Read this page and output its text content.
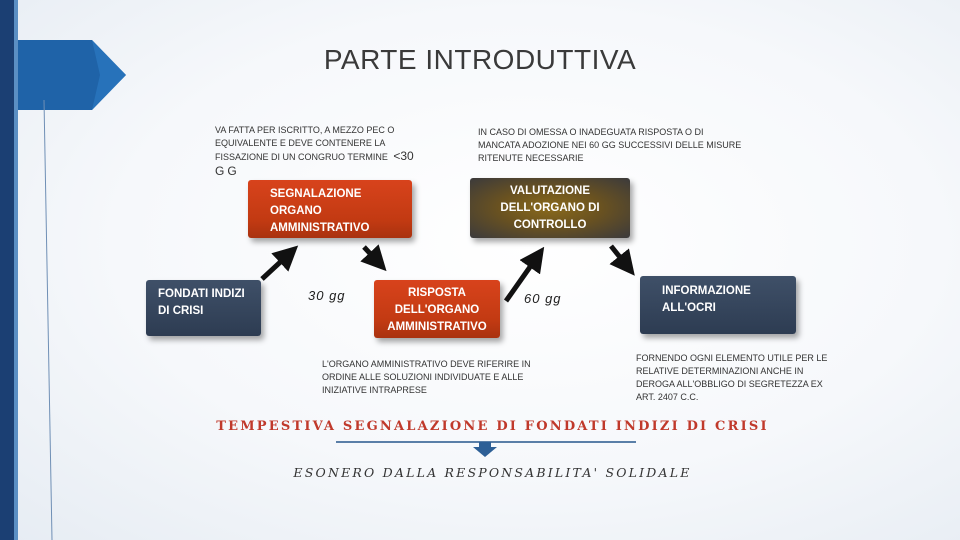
PARTE INTRODUTTIVA
VA FATTA PER ISCRITTO, A MEZZO PEC O
EQUIVALENTE E DEVE CONTENERE LA
FISSAZIONE DI UN CONGRUO TERMINE <30
GG
IN CASO DI OMESSA O INADEGUATA RISPOSTA O DI
MANCATA ADOZIONE NEI 60 GG SUCCESSIVI DELLE MISURE
RITENUTE NECESSARIE
SEGNALAZIONE
ORGANO
AMMINISTRATIVO
VALUTAZIONE
DELL'ORGANO DI
CONTROLLO
FONDATI INDIZI
DI CRISI
RISPOSTA
DELL'ORGANO
AMMINISTRATIVO
INFORMAZIONE
ALL'OCRI
30 gg	60 gg
L'ORGANO AMMINISTRATIVO DEVE RIFERIRE IN
ORDINE ALLE SOLUZIONI INDIVIDUATE E ALLE
INIZIATIVE INTRAPRESE
FORNENDO OGNI ELEMENTO UTILE PER LE
RELATIVE DETERMINAZIONI ANCHE IN
DEROGA ALL'OBBLIGO DI SEGRETEZZA EX
ART. 2407 C.C.
TEMPESTIVA SEGNALAZIONE DI FONDATI INDIZI DI CRISI
ESONERO DALLA RESPONSABILITA' SOLIDALE
